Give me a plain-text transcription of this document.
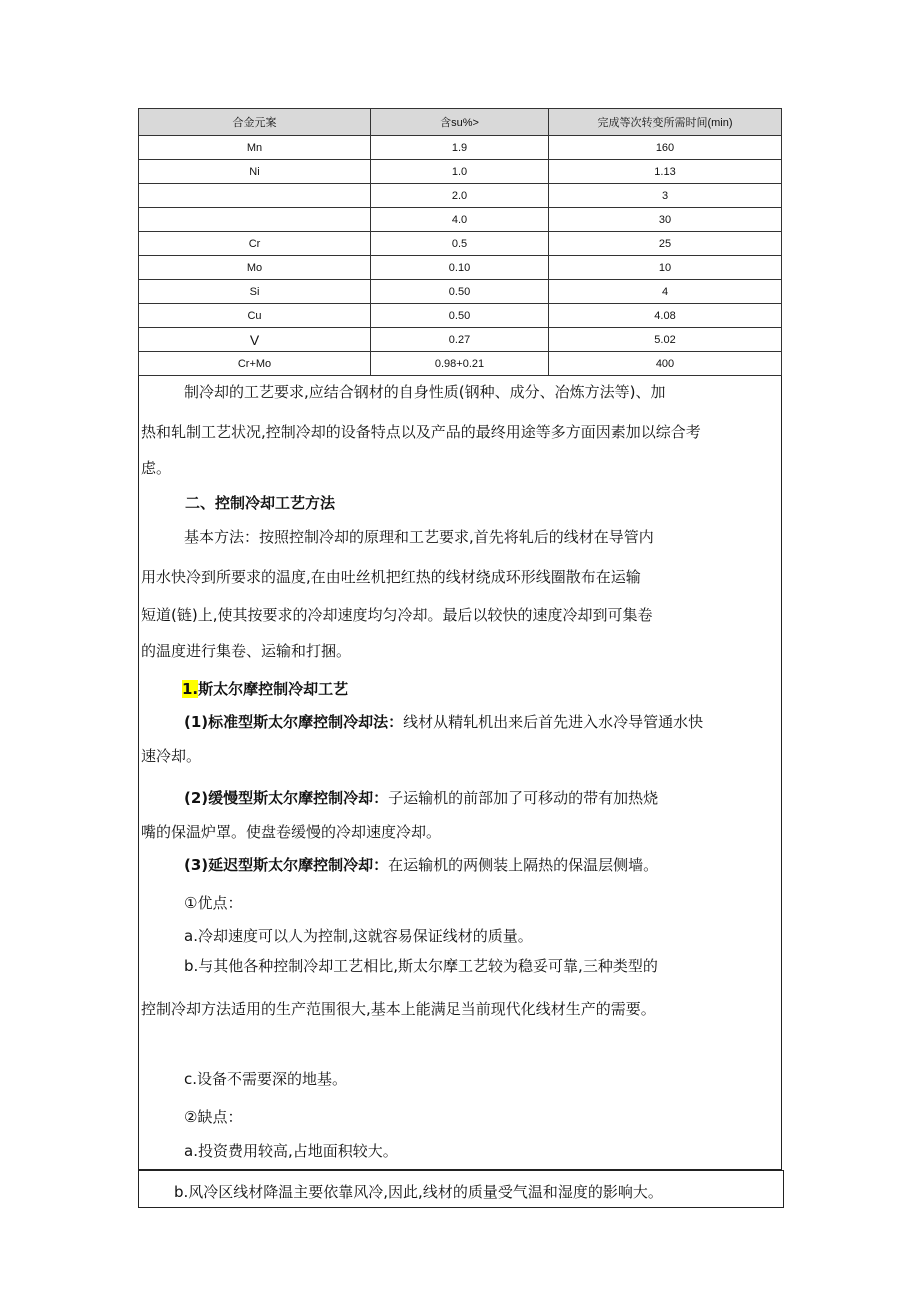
合金元案	含su%>	完成等次转变所需时间(min)
Mn	1.9	160
Ni	1.0	1.13
	2.0	3
	4.0	30
Cr	0.5	25
Mo	0.10	10
Si	0.50	4
Cu	0.50	4.08
V	0.27	5.02
Cr+Mo	0.98+0.21	400
制冷却的工艺要求,应结合钢材的自身性质(钢种、成分、冶炼方法等)、加
热和轧制工艺状况,控制冷却的设备特点以及产品的最终用途等多方面因素加以综合考
虑。
二、控制冷却工艺方法
基本方法：按照控制冷却的原理和工艺要求,首先将轧后的线材在导管内
用水快冷到所要求的温度,在由吐丝机把红热的线材绕成环形线圈散布在运输
短道(链)上,使其按要求的冷却速度均匀冷却。最后以较快的速度冷却到可集卷
的温度进行集卷、运输和打捆。
1.斯太尔摩控制冷却工艺
(1)标准型斯太尔摩控制冷却法：线材从精轧机出来后首先进入水冷导管通水快
速冷却。
(2)缓慢型斯太尔摩控制冷却：子运输机的前部加了可移动的带有加热烧
嘴的保温炉罩。使盘卷缓慢的冷却速度冷却。
(3)延迟型斯太尔摩控制冷却：在运输机的两侧装上隔热的保温层侧墙。
①优点：
a.冷却速度可以人为控制,这就容易保证线材的质量。
b.与其他各种控制冷却工艺相比,斯太尔摩工艺较为稳妥可靠,三种类型的
控制冷却方法适用的生产范围很大,基本上能满足当前现代化线材生产的需要。
c.设备不需要深的地基。
②缺点：
a.投资费用较高,占地面积较大。
b.风冷区线材降温主要依靠风冷,因此,线材的质量受气温和湿度的影响大。
